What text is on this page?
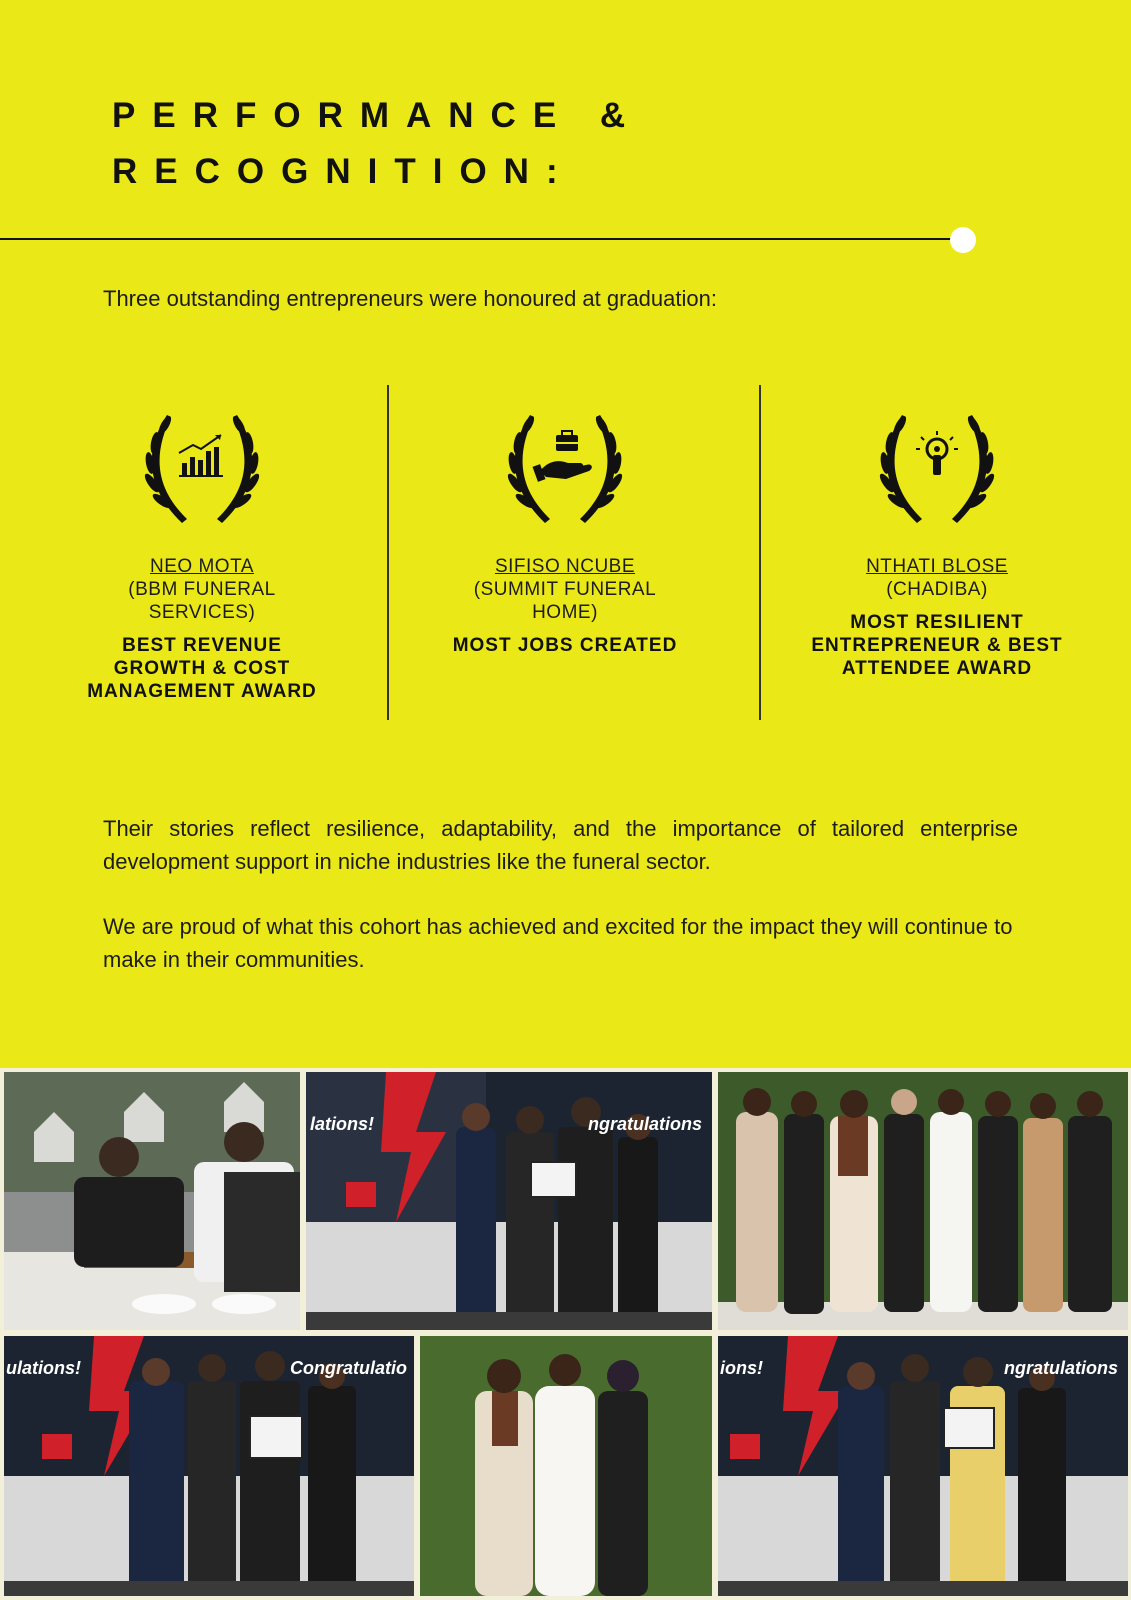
PERFORMANCE &
RECOGNITION:

Three outstanding entrepreneurs were honoured at graduation:

NEO MOTA
(BBM FUNERAL
SERVICES)
BEST REVENUE
GROWTH & COST
MANAGEMENT AWARD
SIFISO NCUBE
(SUMMIT FUNERAL
HOME)
MOST JOBS CREATED
NTHATI BLOSE
(CHADIBA)
MOST RESILIENT
ENTREPRENEUR & BEST
ATTENDEE AWARD

Their stories reflect resilience, adaptability, and the importance of tailored enterprise development support in niche industries like the funeral sector.

We are proud of what this cohort has achieved and excited for the impact they will continue to make in their communities.

lations!	ngratulations
ulations!	Congratulatio	ions!	ngratulations
